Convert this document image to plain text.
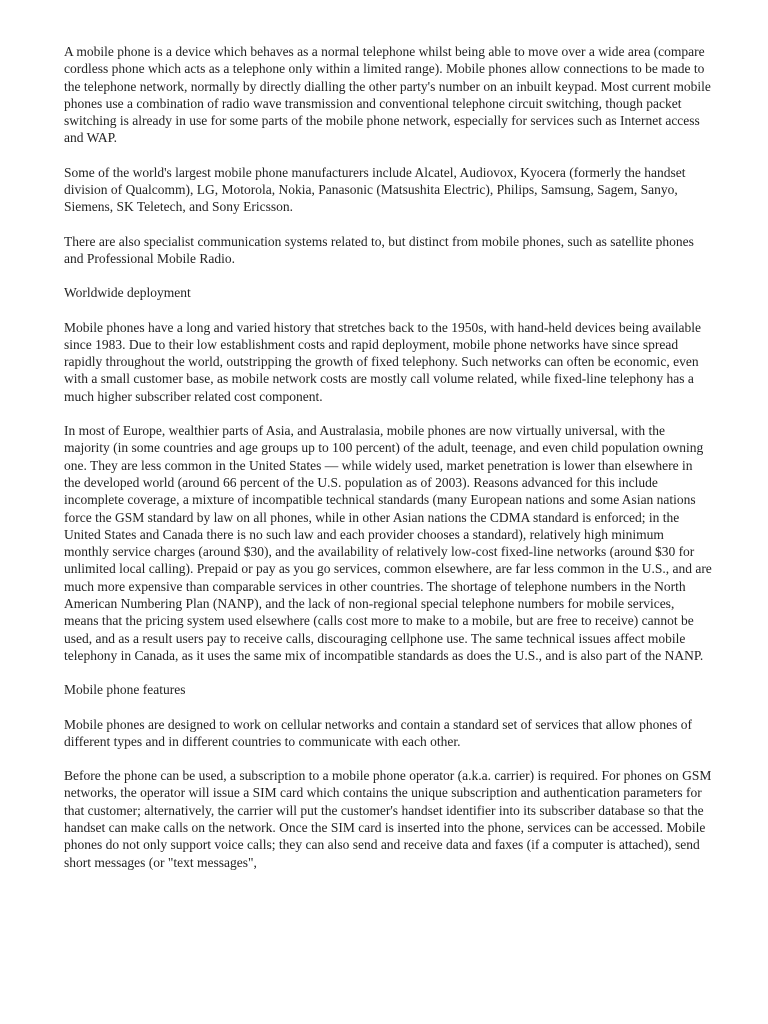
A mobile phone is a device which behaves as a normal telephone whilst being able to move over a wide area (compare cordless phone which acts as a telephone only within a limited range). Mobile phones allow connections to be made to the telephone network, normally by directly dialling the other party's number on an inbuilt keypad. Most current mobile phones use a combination of radio wave transmission and conventional telephone circuit switching, though packet switching is already in use for some parts of the mobile phone network, especially for services such as Internet access and WAP.

Some of the world's largest mobile phone manufacturers include Alcatel, Audiovox, Kyocera (formerly the handset division of Qualcomm), LG, Motorola, Nokia, Panasonic (Matsushita Electric), Philips, Samsung, Sagem, Sanyo, Siemens, SK Teletech, and Sony Ericsson.

There are also specialist communication systems related to, but distinct from mobile phones, such as satellite phones and Professional Mobile Radio.

Worldwide deployment

Mobile phones have a long and varied history that stretches back to the 1950s, with hand-held devices being available since 1983. Due to their low establishment costs and rapid deployment, mobile phone networks have since spread rapidly throughout the world, outstripping the growth of fixed telephony. Such networks can often be economic, even with a small customer base, as mobile network costs are mostly call volume related, while fixed-line telephony has a much higher subscriber related cost component.

In most of Europe, wealthier parts of Asia, and Australasia, mobile phones are now virtually universal, with the majority (in some countries and age groups up to 100 percent) of the adult, teenage, and even child population owning one. They are less common in the United States — while widely used, market penetration is lower than elsewhere in the developed world (around 66 percent of the U.S. population as of 2003). Reasons advanced for this include incomplete coverage, a mixture of incompatible technical standards (many European nations and some Asian nations force the GSM standard by law on all phones, while in other Asian nations the CDMA standard is enforced; in the United States and Canada there is no such law and each provider chooses a standard), relatively high minimum monthly service charges (around $30), and the availability of relatively low-cost fixed-line networks (around $30 for unlimited local calling). Prepaid or pay as you go services, common elsewhere, are far less common in the U.S., and are much more expensive than comparable services in other countries. The shortage of telephone numbers in the North American Numbering Plan (NANP), and the lack of non-regional special telephone numbers for mobile services, means that the pricing system used elsewhere (calls cost more to make to a mobile, but are free to receive) cannot be used, and as a result users pay to receive calls, discouraging cellphone use. The same technical issues affect mobile telephony in Canada, as it uses the same mix of incompatible standards as does the U.S., and is also part of the NANP.

Mobile phone features

Mobile phones are designed to work on cellular networks and contain a standard set of services that allow phones of different types and in different countries to communicate with each other.

Before the phone can be used, a subscription to a mobile phone operator (a.k.a. carrier) is required. For phones on GSM networks, the operator will issue a SIM card which contains the unique subscription and authentication parameters for that customer; alternatively, the carrier will put the customer's handset identifier into its subscriber database so that the handset can make calls on the network. Once the SIM card is inserted into the phone, services can be accessed. Mobile phones do not only support voice calls; they can also send and receive data and faxes (if a computer is attached), send short messages (or "text messages",
